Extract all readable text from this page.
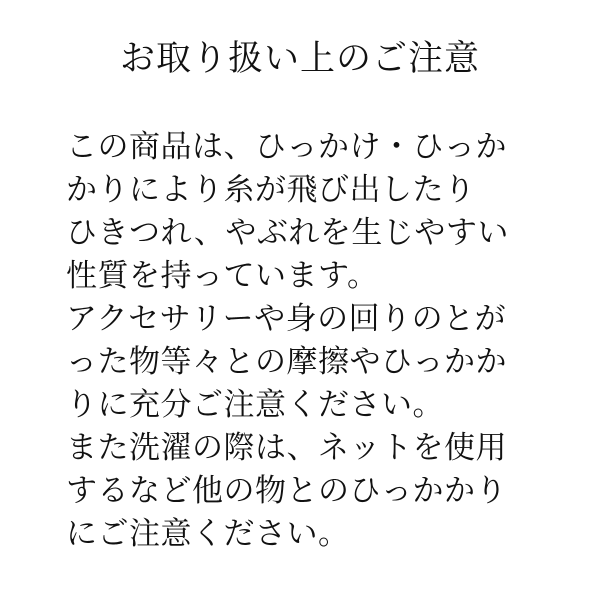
お取り扱い上のご注意
この商品は、ひっかけ・ひっか
かりにより糸が飛び出したり
ひきつれ、やぶれを生じやすい
性質を持っています。
アクセサリーや身の回りのとが
った物等々との摩擦やひっかか
りに充分ご注意ください。
また洗濯の際は、ネットを使用
するなど他の物とのひっかかり
にご注意ください。
